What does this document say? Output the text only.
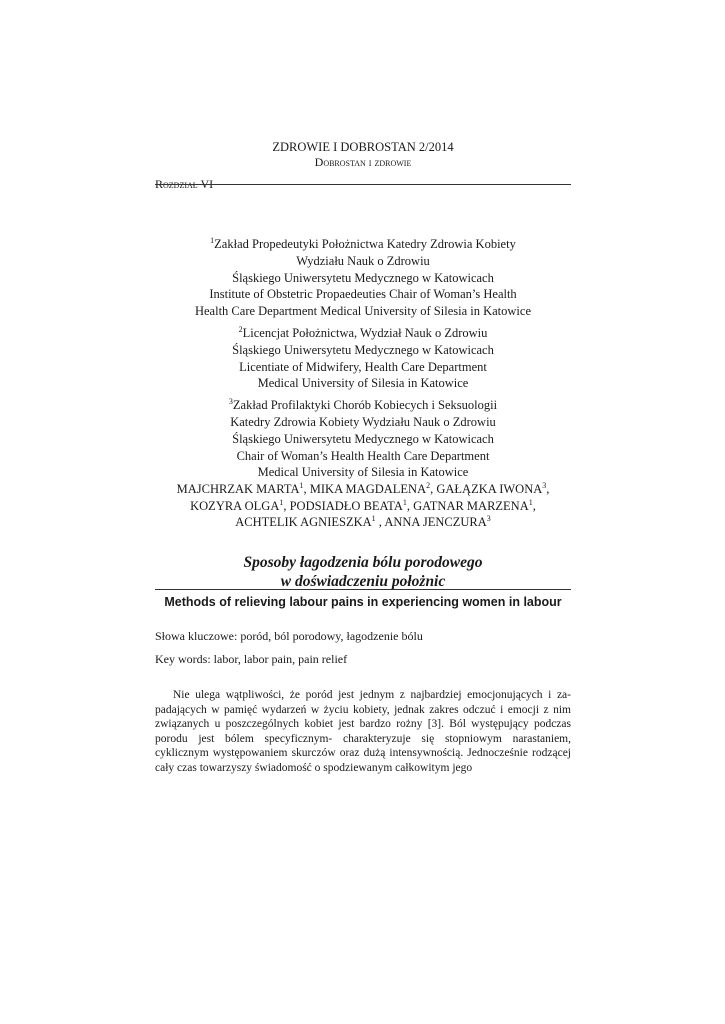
ZDROWIE I DOBROSTAN 2/2014
Dobrostan i zdrowie
Rozdział VI
$^1$Zakład Propedeutyki Położnictwa Katedry Zdrowia Kobiety
Wydziału Nauk o Zdrowiu
Śląskiego Uniwersytetu Medycznego w Katowicach
Institute of Obstetric Propaedeuties Chair of Woman’s Health
Health Care Department Medical University of Silesia in Katowice
$^2$Licencjat Położnictwa, Wydział Nauk o Zdrowiu
Śląskiego Uniwersytetu Medycznego w Katowicach
Licentiate of Midwifery, Health Care Department
Medical University of Silesia in Katowice
$^3$Zakład Profilaktyki Chorób Kobiecych i Seksuologii
Katedry Zdrowia Kobiety Wydziału Nauk o Zdrowiu
Śląskiego Uniwersytetu Medycznego w Katowicach
Chair of Woman’s Health Health Care Department
Medical University of Silesia in Katowice
MAJCHRZAK MARTA$^1$, MIKA MAGDALENA$^2$, GAŁĄZKA IWONA$^3$,
KOZYRA OLGA$^1$, PODSIADŁO BEATA$^1$, GATNAR MARZENA$^1$,
ACHTELIK AGNIESZKA$^1$ , ANNA JENCZURA$^3$
Sposoby łagodzenia bólu porodowego
w doświadczeniu położnic
Methods of relieving labour pains in experiencing women in labour
Słowa kluczowe: poród, ból porodowy, łagodzenie bólu
Key words: labor, labor pain, pain relief

Nie ulega wątpliwości, że poród jest jednym z najbardziej emocjonujących i zapadających w pamięć wydarzeń w życiu kobiety, jednak zakres odczuć i emocji z nim związanych u poszczególnych kobiet jest bardzo rożny [3]. Ból występujący podczas porodu jest bólem specyficznym- charakteryzuje się stopniowym narastaniem, cyklicznym występowaniem skurczów oraz dużą intensywnością. Jednocześnie rodzącej cały czas towarzyszy świadomość o spodziewanym całkowitym jego
